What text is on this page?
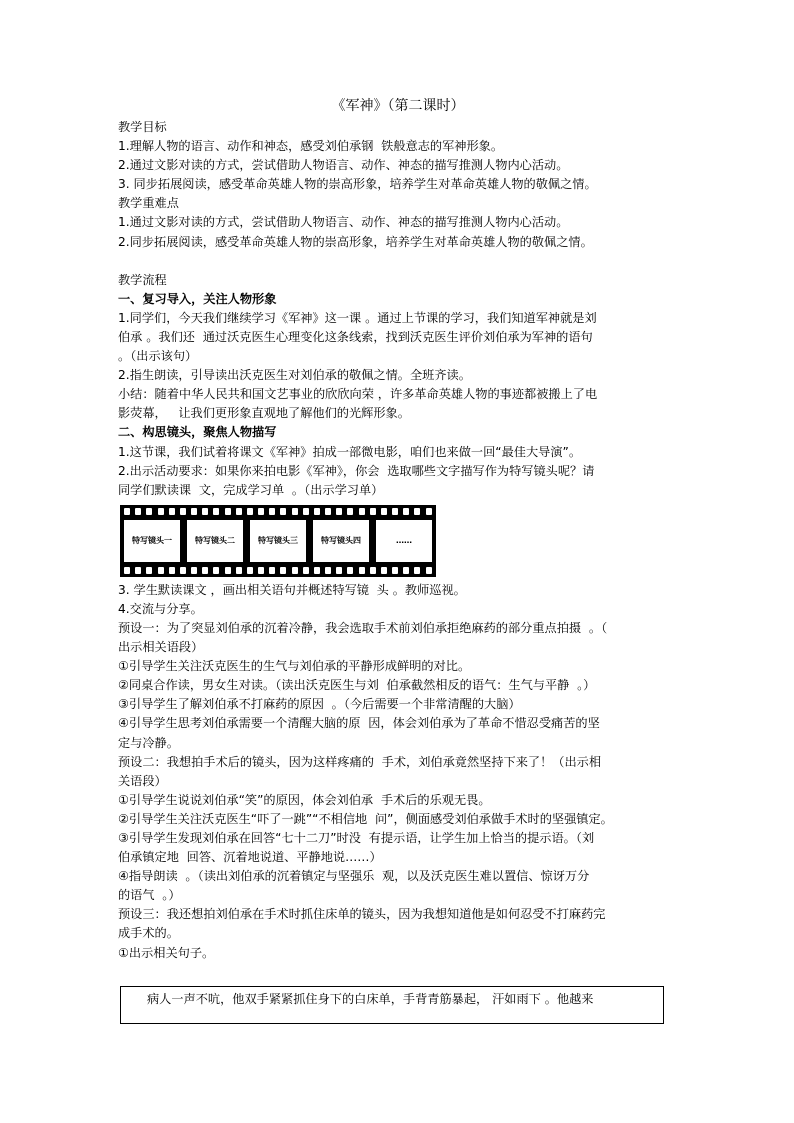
《军神》（第二课时）

教学目标

1.理解人物的语言、动作和神态，感受刘伯承钢  铁般意志的军神形象。

2.通过文影对读的方式，尝试借助人物语言、动作、神态的描写推测人物内心活动。

3. 同步拓展阅读，感受革命英雄人物的崇高形象，培养学生对革命英雄人物的敬佩之情。

教学重难点

1.通过文影对读的方式，尝试借助人物语言、动作、神态的描写推测人物内心活动。

2.同步拓展阅读，感受革命英雄人物的崇高形象，培养学生对革命英雄人物的敬佩之情。

教学流程

一、复习导入，关注人物形象

1.同学们，今天我们继续学习《军神》这一课 。通过上节课的学习，我们知道军神就是刘

伯承 。我们还  通过沃克医生心理变化这条线索，找到沃克医生评价刘伯承为军神的语句

。（出示该句）

2.指生朗读，引导读出沃克医生对刘伯承的敬佩之情。全班齐读。

小结：随着中华人民共和国文艺事业的欣欣向荣 ，许多革命英雄人物的事迹都被搬上了电

影荧幕，   让我们更形象直观地了解他们的光辉形象。

二、构思镜头，聚焦人物描写

1.这节课，我们试着将课文《军神》拍成一部微电影，咱们也来做一回“最佳大导演”。

2.出示活动要求：如果你来拍电影《军神》，你会  选取哪些文字描写作为特写镜头呢？请

同学们默读课  文，完成学习单  。（出示学习单）

特写镜头一	特写镜头二	特写镜头三	特写镜头四	……

3. 学生默读课文 ，画出相关语句并概述特写镜  头 。教师巡视。

4.交流与分享。

预设一：为了突显刘伯承的沉着冷静，我会选取手术前刘伯承拒绝麻药的部分重点拍摄  。（

出示相关语段）

①引导学生关注沃克医生的生气与刘伯承的平静形成鲜明的对比。

②同桌合作读，男女生对读。（读出沃克医生与刘  伯承截然相反的语气：生气与平静  。）

③引导学生了解刘伯承不打麻药的原因  。（今后需要一个非常清醒的大脑）

④引导学生思考刘伯承需要一个清醒大脑的原  因，体会刘伯承为了革命不惜忍受痛苦的坚

定与冷静。

预设二：我想拍手术后的镜头，因为这样疼痛的  手术，刘伯承竟然坚持下来了！（出示相

关语段）

①引导学生说说刘伯承“笑”的原因，体会刘伯承  手术后的乐观无畏。

②引导学生关注沃克医生“吓了一跳”“不相信地  问”，侧面感受刘伯承做手术时的坚强镇定。

③引导学生发现刘伯承在回答“七十二刀”时没  有提示语，让学生加上恰当的提示语。（刘

伯承镇定地  回答、沉着地说道、平静地说……）

④指导朗读  。（读出刘伯承的沉着镇定与坚强乐  观，以及沃克医生难以置信、惊讶万分

的语气  。）

预设三：我还想拍刘伯承在手术时抓住床单的镜头，因为我想知道他是如何忍受不打麻药完

成手术的。

①出示相关句子。

病人一声不吭，他双手紧紧抓住身下的白床单，手背青筋暴起， 汗如雨下 。他越来
